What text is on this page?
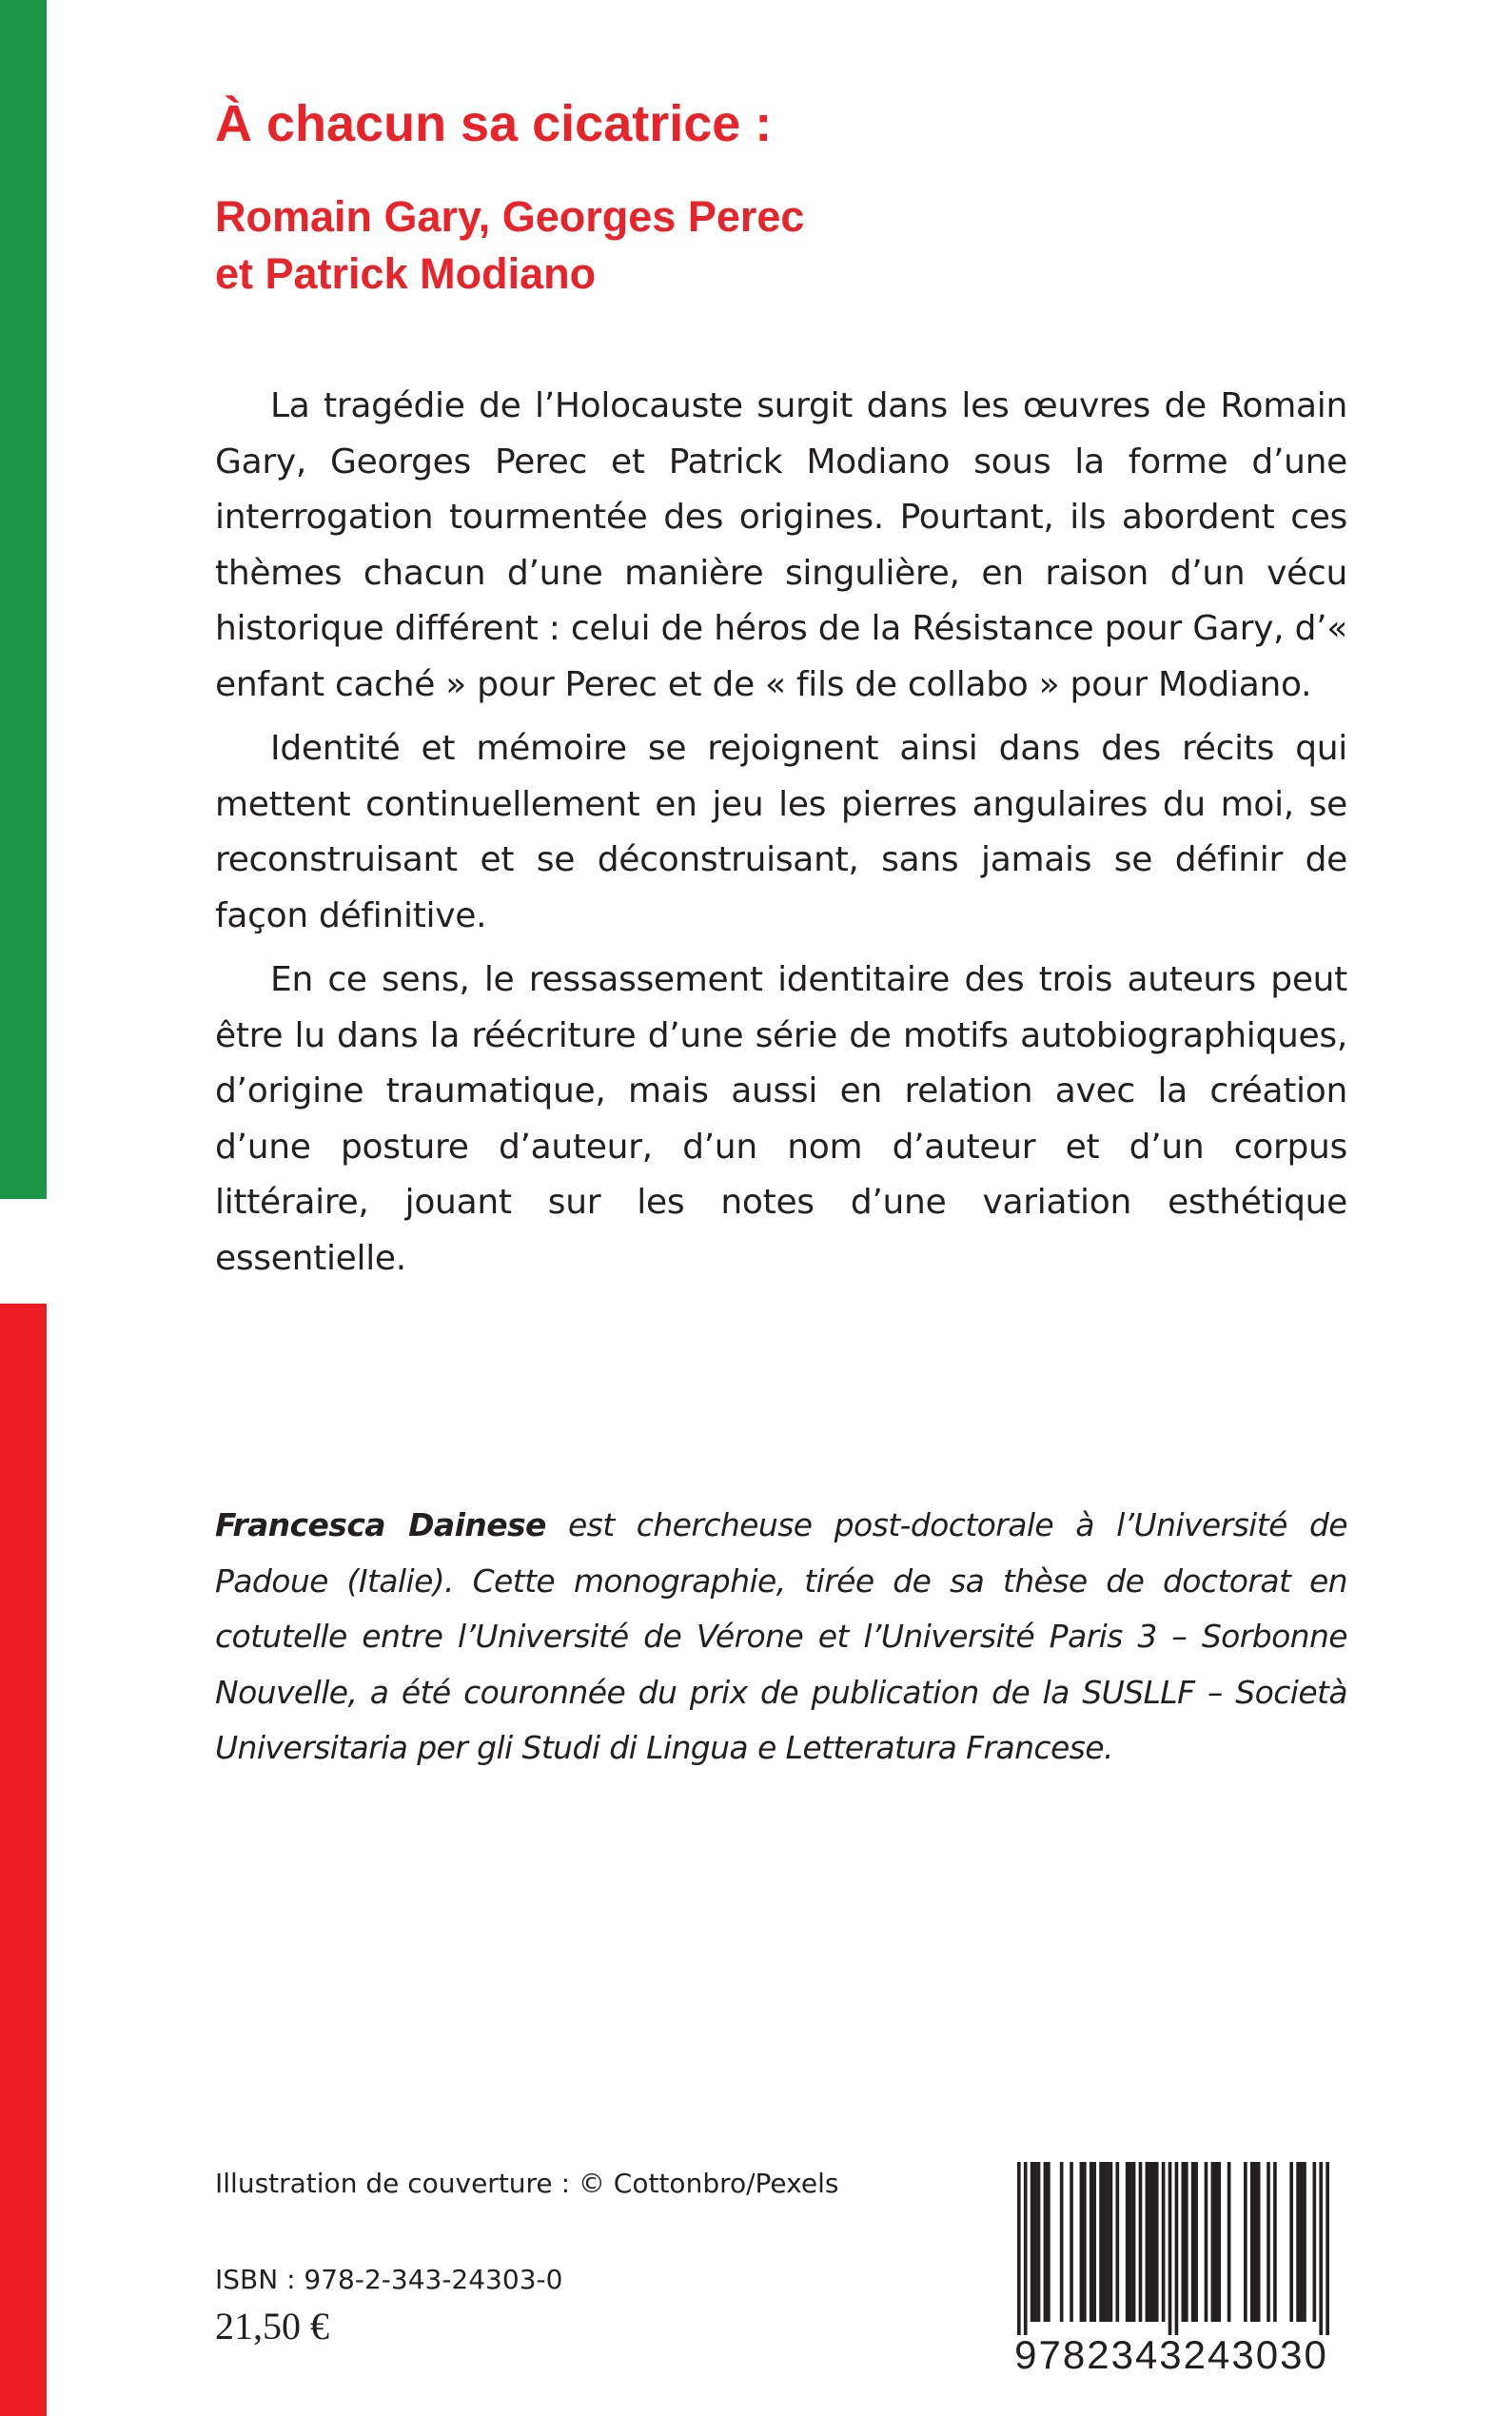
À chacun sa cicatrice :
Romain Gary, Georges Perec
et Patrick Modiano

La tragédie de l’Holocauste surgit dans les œuvres de Romain Gary, Georges Perec et Patrick Modiano sous la forme d’une interrogation tourmentée des origines. Pourtant, ils abordent ces thèmes chacun d’une manière singulière, en raison d’un vécu historique différent : celui de héros de la Résistance pour Gary, d’« enfant caché » pour Perec et de « fils de collabo » pour Modiano.

Identité et mémoire se rejoignent ainsi dans des récits qui mettent continuellement en jeu les pierres angulaires du moi, se reconstruisant et se déconstruisant, sans jamais se définir de façon définitive.

En ce sens, le ressassement identitaire des trois auteurs peut être lu dans la réécriture d’une série de motifs autobiographiques, d’origine traumatique, mais aussi en relation avec la création d’une posture d’auteur, d’un nom d’auteur et d’un corpus littéraire, jouant sur les notes d’une variation esthétique essentielle.

Francesca Dainese est chercheuse post-doctorale à l’Université de Padoue (Italie). Cette monographie, tirée de sa thèse de doctorat en cotutelle entre l’Université de Vérone et l’Université Paris 3 – Sorbonne Nouvelle, a été couronnée du prix de publication de la SUSLLF – Società Universitaria per gli Studi di Lingua e Letteratura Francese.

Illustration de couverture : © Cottonbro/Pexels

ISBN : 978-2-343-24303-0

21,50 €

9782343243030
